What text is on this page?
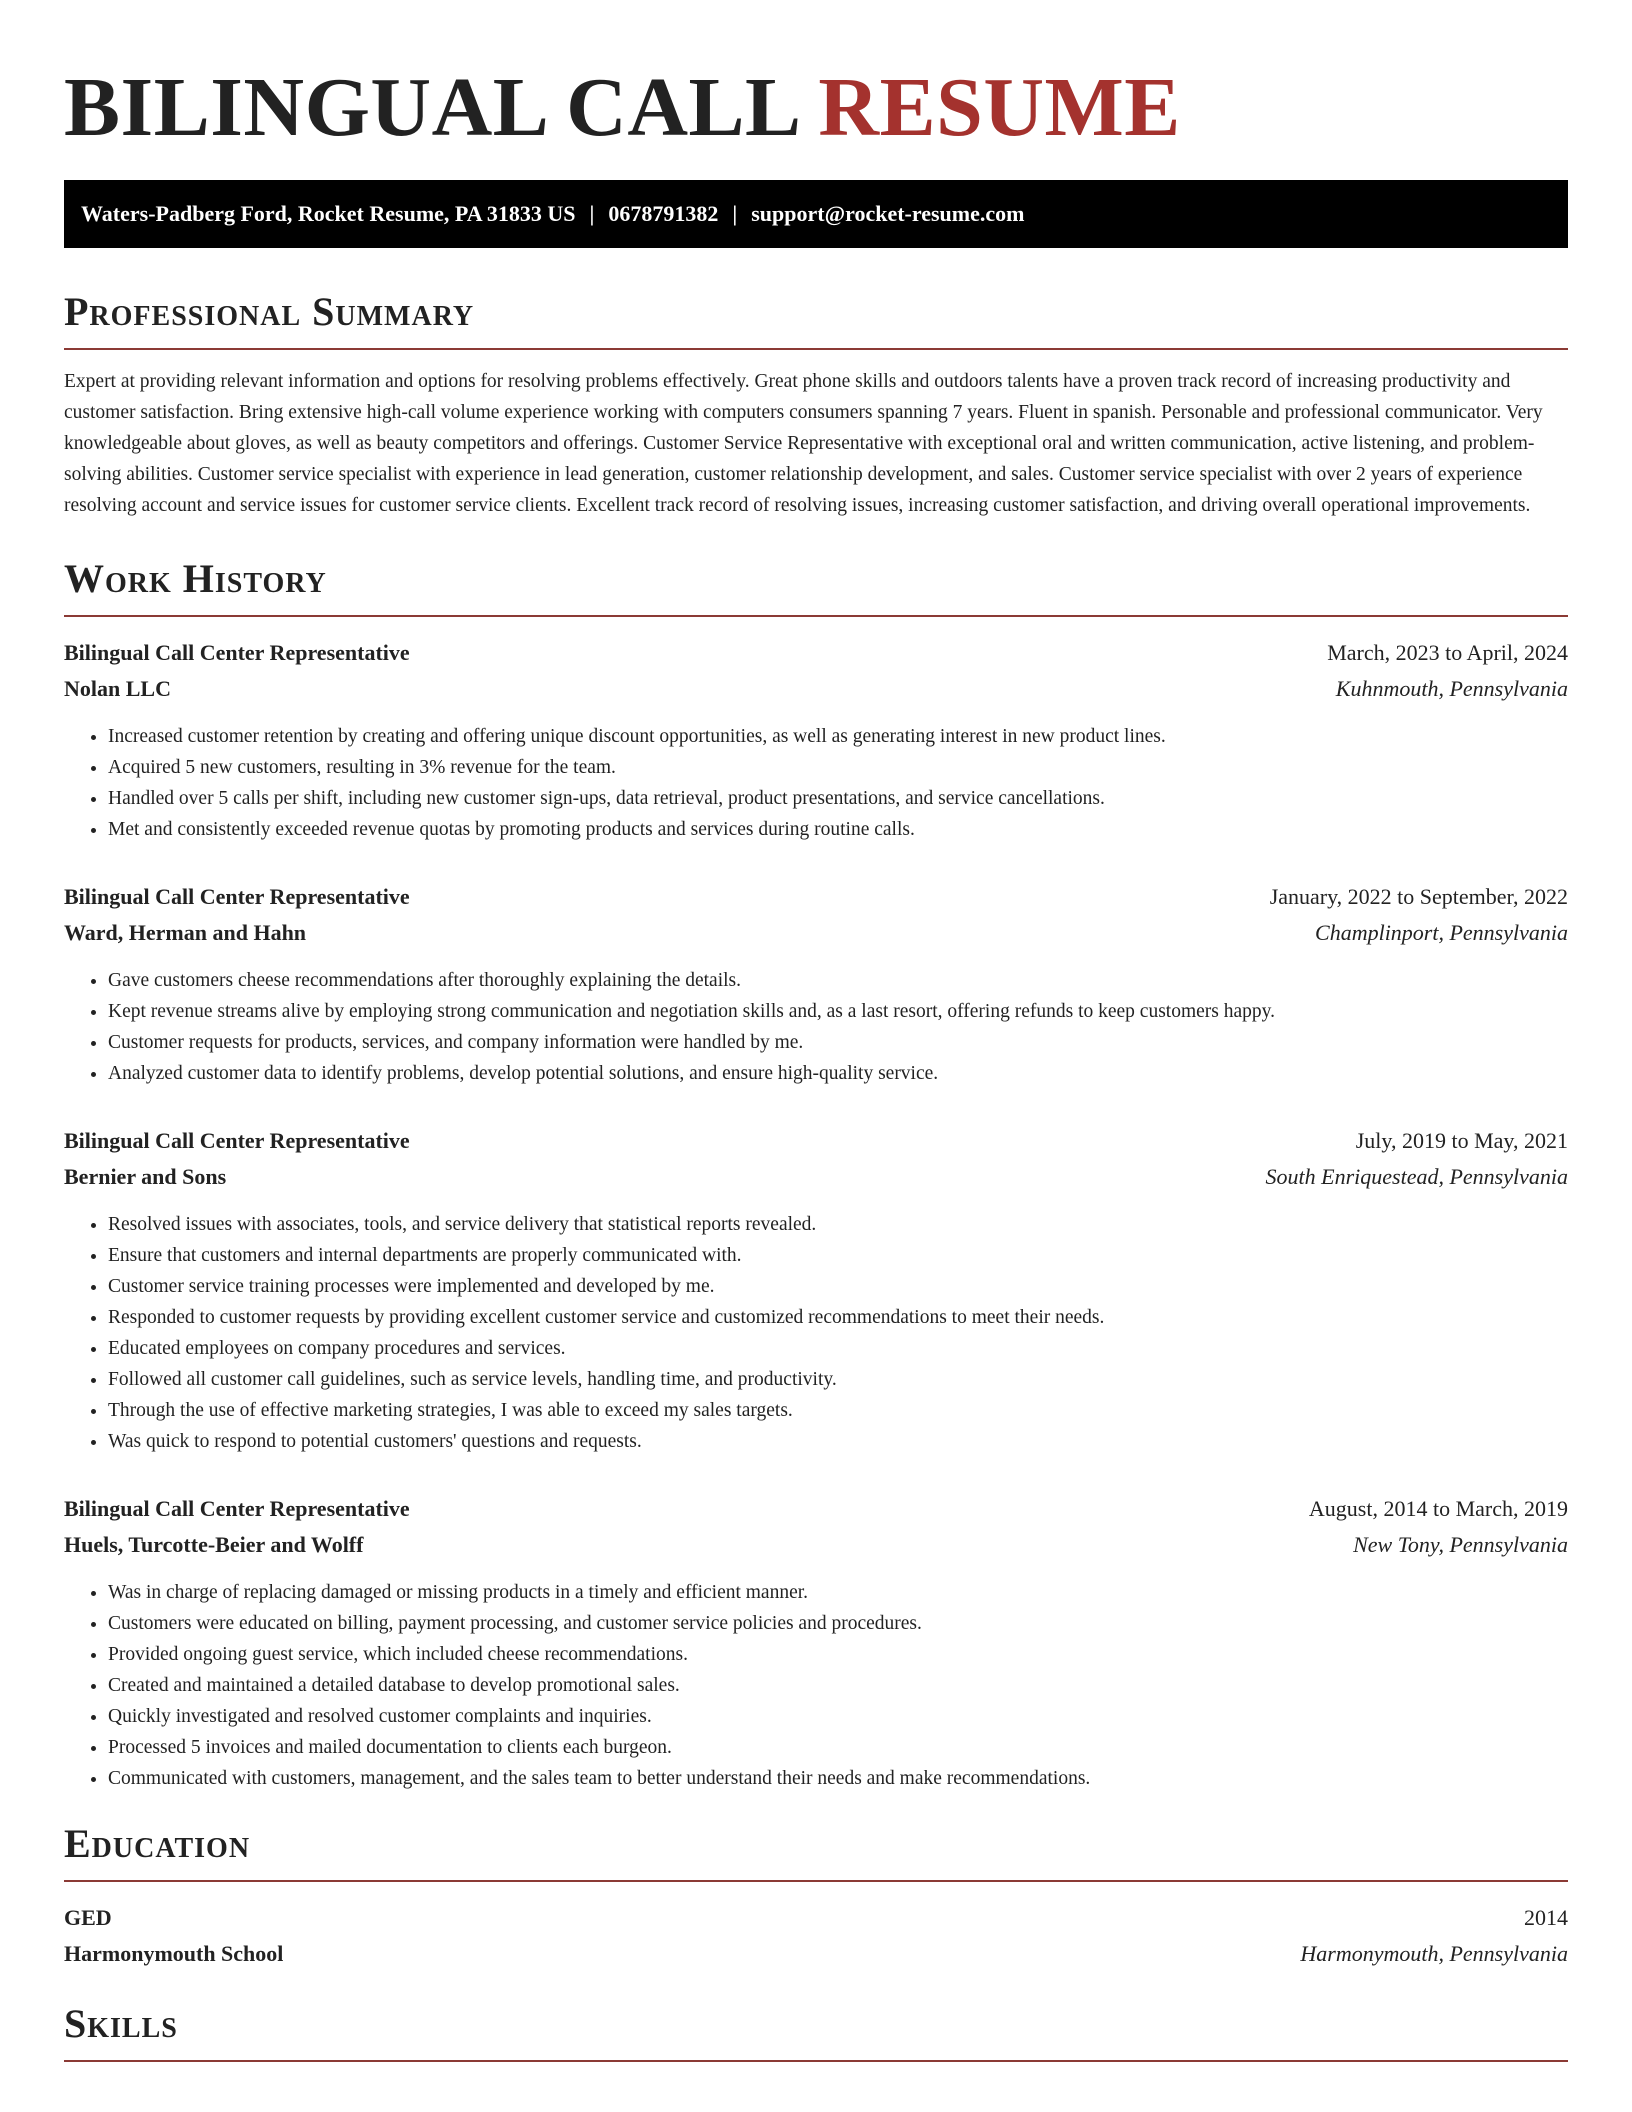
BILINGUAL CALL RESUME
Waters-Padberg Ford, Rocket Resume, PA 31833 US | 0678791382 | support@rocket-resume.com
Professional Summary

Expert at providing relevant information and options for resolving problems effectively. Great phone skills and outdoors talents have a proven track record of increasing productivity and customer satisfaction. Bring extensive high-call volume experience working with computers consumers spanning 7 years. Fluent in spanish. Personable and professional communicator. Very knowledgeable about gloves, as well as beauty competitors and offerings. Customer Service Representative with exceptional oral and written communication, active listening, and problem-solving abilities. Customer service specialist with experience in lead generation, customer relationship development, and sales. Customer service specialist with over 2 years of experience resolving account and service issues for customer service clients. Excellent track record of resolving issues, increasing customer satisfaction, and driving overall operational improvements.

Work History
Bilingual Call Center Representative	March, 2023 to April, 2024
Nolan LLC	Kuhnmouth, Pennsylvania
• Increased customer retention by creating and offering unique discount opportunities, as well as generating interest in new product lines.
• Acquired 5 new customers, resulting in 3% revenue for the team.
• Handled over 5 calls per shift, including new customer sign-ups, data retrieval, product presentations, and service cancellations.
• Met and consistently exceeded revenue quotas by promoting products and services during routine calls.
Bilingual Call Center Representative	January, 2022 to September, 2022
Ward, Herman and Hahn	Champlinport, Pennsylvania
• Gave customers cheese recommendations after thoroughly explaining the details.
• Kept revenue streams alive by employing strong communication and negotiation skills and, as a last resort, offering refunds to keep customers happy.
• Customer requests for products, services, and company information were handled by me.
• Analyzed customer data to identify problems, develop potential solutions, and ensure high-quality service.
Bilingual Call Center Representative	July, 2019 to May, 2021
Bernier and Sons	South Enriquestead, Pennsylvania
• Resolved issues with associates, tools, and service delivery that statistical reports revealed.
• Ensure that customers and internal departments are properly communicated with.
• Customer service training processes were implemented and developed by me.
• Responded to customer requests by providing excellent customer service and customized recommendations to meet their needs.
• Educated employees on company procedures and services.
• Followed all customer call guidelines, such as service levels, handling time, and productivity.
• Through the use of effective marketing strategies, I was able to exceed my sales targets.
• Was quick to respond to potential customers' questions and requests.
Bilingual Call Center Representative	August, 2014 to March, 2019
Huels, Turcotte-Beier and Wolff	New Tony, Pennsylvania
• Was in charge of replacing damaged or missing products in a timely and efficient manner.
• Customers were educated on billing, payment processing, and customer service policies and procedures.
• Provided ongoing guest service, which included cheese recommendations.
• Created and maintained a detailed database to develop promotional sales.
• Quickly investigated and resolved customer complaints and inquiries.
• Processed 5 invoices and mailed documentation to clients each burgeon.
• Communicated with customers, management, and the sales team to better understand their needs and make recommendations.
Education
GED	2014
Harmonymouth School	Harmonymouth, Pennsylvania
Skills
